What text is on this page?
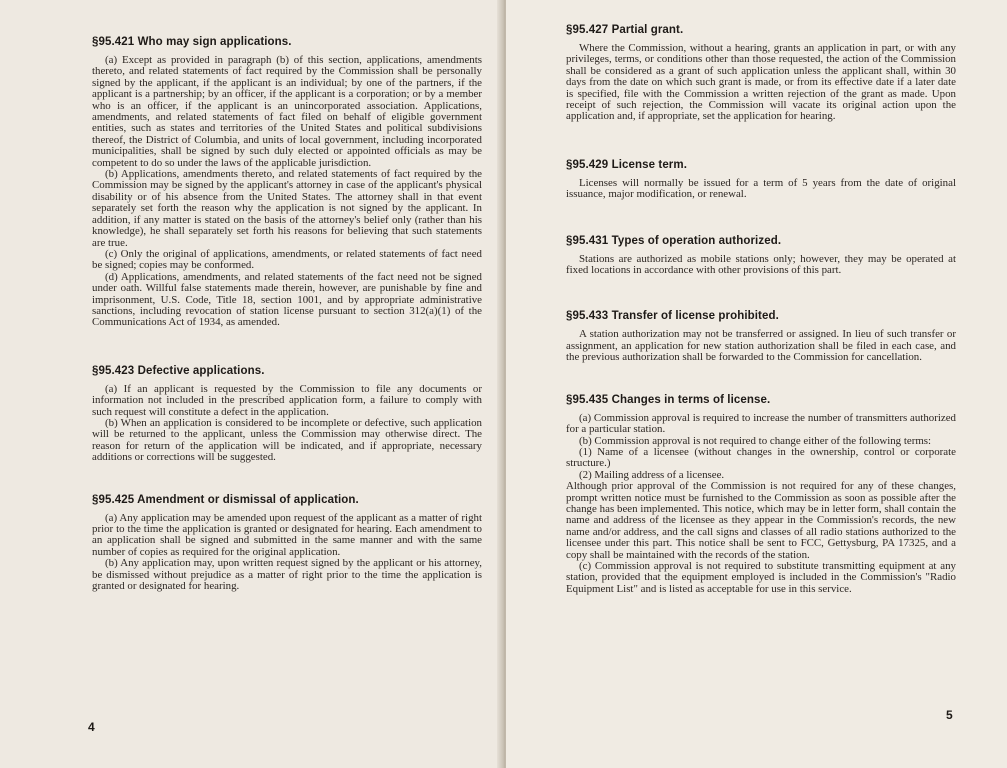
§95.421 Who may sign applications.

(a) Except as provided in paragraph (b) of this section, applications, amendments thereto, and related statements of fact required by the Commission shall be personally signed by the applicant, if the applicant is an individual; by one of the partners, if the applicant is a partnership; by an officer, if the applicant is a corporation; or by a member who is an officer, if the applicant is an unincorporated association. Applications, amendments, and related statements of fact filed on behalf of eligible government entities, such as states and territories of the United States and political subdivisions thereof, the District of Columbia, and units of local government, including incorporated municipalities, shall be signed by such duly elected or appointed officials as may be competent to do so under the laws of the applicable jurisdiction.

(b) Applications, amendments thereto, and related statements of fact required by the Commission may be signed by the applicant's attorney in case of the applicant's physical disability or of his absence from the United States. The attorney shall in that event separately set forth the reason why the application is not signed by the applicant. In addition, if any matter is stated on the basis of the attorney's belief only (rather than his knowledge), he shall separately set forth his reasons for believing that such statements are true.

(c) Only the original of applications, amendments, or related statements of fact need be signed; copies may be conformed.

(d) Applications, amendments, and related statements of the fact need not be signed under oath. Willful false statements made therein, however, are punishable by fine and imprisonment, U.S. Code, Title 18, section 1001, and by appropriate administrative sanctions, including revocation of station license pursuant to section 312(a)(1) of the Communications Act of 1934, as amended.

§95.423 Defective applications.

(a) If an applicant is requested by the Commission to file any documents or information not included in the prescribed application form, a failure to comply with such request will constitute a defect in the application.

(b) When an application is considered to be incomplete or defective, such application will be returned to the applicant, unless the Commission may otherwise direct. The reason for return of the application will be indicated, and if appropriate, necessary additions or corrections will be suggested.

§95.425 Amendment or dismissal of application.

(a) Any application may be amended upon request of the applicant as a matter of right prior to the time the application is granted or designated for hearing. Each amendment to an application shall be signed and submitted in the same manner and with the same number of copies as required for the original application.

(b) Any application may, upon written request signed by the applicant or his attorney, be dismissed without prejudice as a matter of right prior to the time the application is granted or designated for hearing.

4

§95.427 Partial grant.

Where the Commission, without a hearing, grants an application in part, or with any privileges, terms, or conditions other than those requested, the action of the Commission shall be considered as a grant of such application unless the applicant shall, within 30 days from the date on which such grant is made, or from its effective date if a later date is specified, file with the Commission a written rejection of the grant as made. Upon receipt of such rejection, the Commission will vacate its original action upon the application and, if appropriate, set the application for hearing.

§95.429 License term.

Licenses will normally be issued for a term of 5 years from the date of original issuance, major modification, or renewal.

§95.431 Types of operation authorized.

Stations are authorized as mobile stations only; however, they may be operated at fixed locations in accordance with other provisions of this part.

§95.433 Transfer of license prohibited.

A station authorization may not be transferred or assigned. In lieu of such transfer or assignment, an application for new station authorization shall be filed in each case, and the previous authorization shall be forwarded to the Commission for cancellation.

§95.435 Changes in terms of license.

(a) Commission approval is required to increase the number of transmitters authorized for a particular station.

(b) Commission approval is not required to change either of the following terms:

(1) Name of a licensee (without changes in the ownership, control or corporate structure.)

(2) Mailing address of a licensee.

Although prior approval of the Commission is not required for any of these changes, prompt written notice must be furnished to the Commission as soon as possible after the change has been implemented. This notice, which may be in letter form, shall contain the name and address of the licensee as they appear in the Commission's records, the new name and/or address, and the call signs and classes of all radio stations authorized to the licensee under this part. This notice shall be sent to FCC, Gettysburg, PA 17325, and a copy shall be maintained with the records of the station.

(c) Commission approval is not required to substitute transmitting equipment at any station, provided that the equipment employed is included in the Commission's "Radio Equipment List" and is listed as acceptable for use in this service.

5
